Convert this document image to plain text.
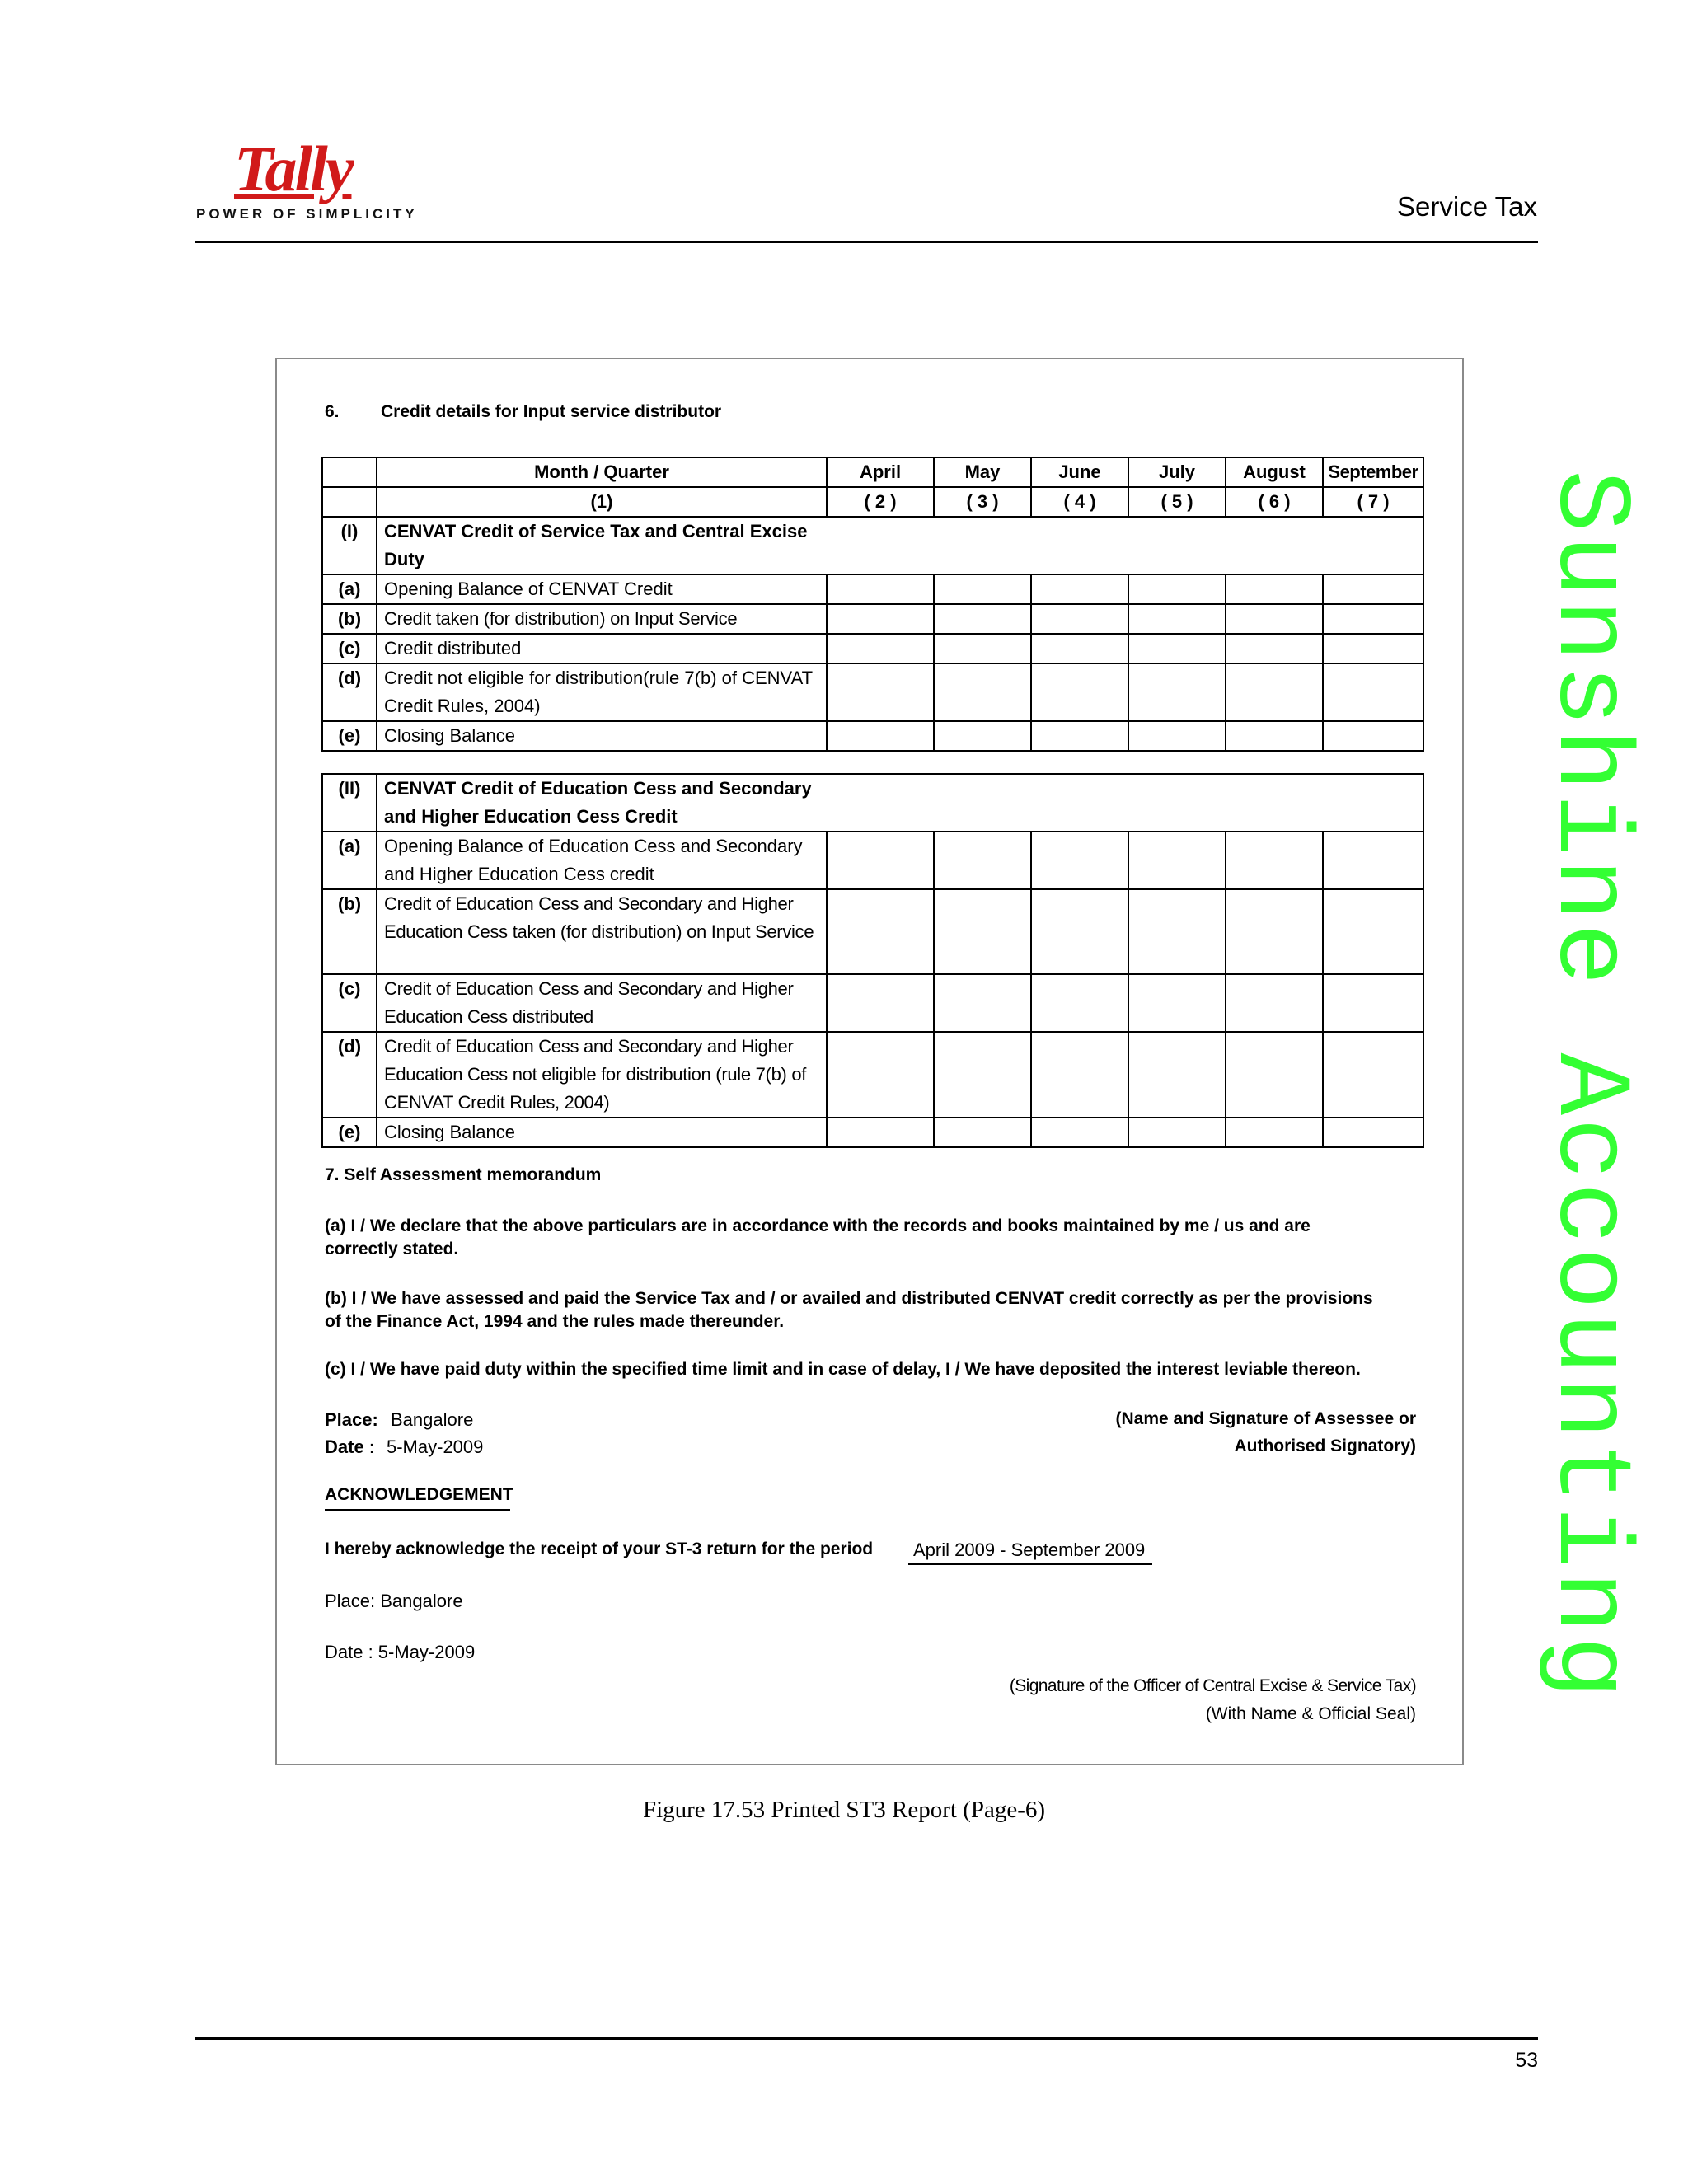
Tally
POWER OF SIMPLICITY	Service Tax
Sunshine Accounting
6. Credit details for Input service distributor
	Month / Quarter	April	May	June	July	August	September
	(1)	( 2 )	( 3 )	( 4 )	( 5 )	( 6 )	( 7 )
(I)	CENVAT Credit of Service Tax and Central Excise Duty						

(a)	Opening Balance of CENVAT Credit						
(b)	Credit taken (for distribution) on Input Service						
(c)	Credit distributed						
(d)	Credit not eligible for distribution(rule 7(b) of CENVAT Credit Rules, 2004)						
(e)	Closing Balance						
(II)	CENVAT Credit of Education Cess and Secondary and Higher Education Cess Credit						

(a)	Opening Balance of Education Cess and Secondary and Higher Education Cess credit						
(b)	Credit of Education Cess and Secondary and Higher Education Cess taken (for distribution) on Input Service						
(c)	Credit of Education Cess and Secondary and Higher Education Cess distributed						
(d)	Credit of Education Cess and Secondary and Higher Education Cess not eligible for distribution (rule 7(b) of CENVAT Credit Rules, 2004)						
(e)	Closing Balance						
7. Self Assessment memorandum
(a) I / We declare that the above particulars are in accordance with the records and books maintained by me / us and are correctly stated.
(b) I / We have assessed and paid the Service Tax and / or availed and distributed CENVAT credit correctly as per the provisions of the Finance Act, 1994 and the rules made thereunder.
(c) I / We have paid duty within the specified time limit and in case of delay, I / We have deposited the interest leviable thereon.
Place: Bangalore
Date : 5-May-2009
(Name and Signature of Assessee or
Authorised Signatory)
ACKNOWLEDGEMENT
I hereby acknowledge the receipt of your ST-3 return for the period April 2009 - September 2009
Place: Bangalore
Date : 5-May-2009
(Signature of the Officer of Central Excise & Service Tax)
(With Name & Official Seal)
Figure 17.53 Printed ST3 Report (Page-6)
53
